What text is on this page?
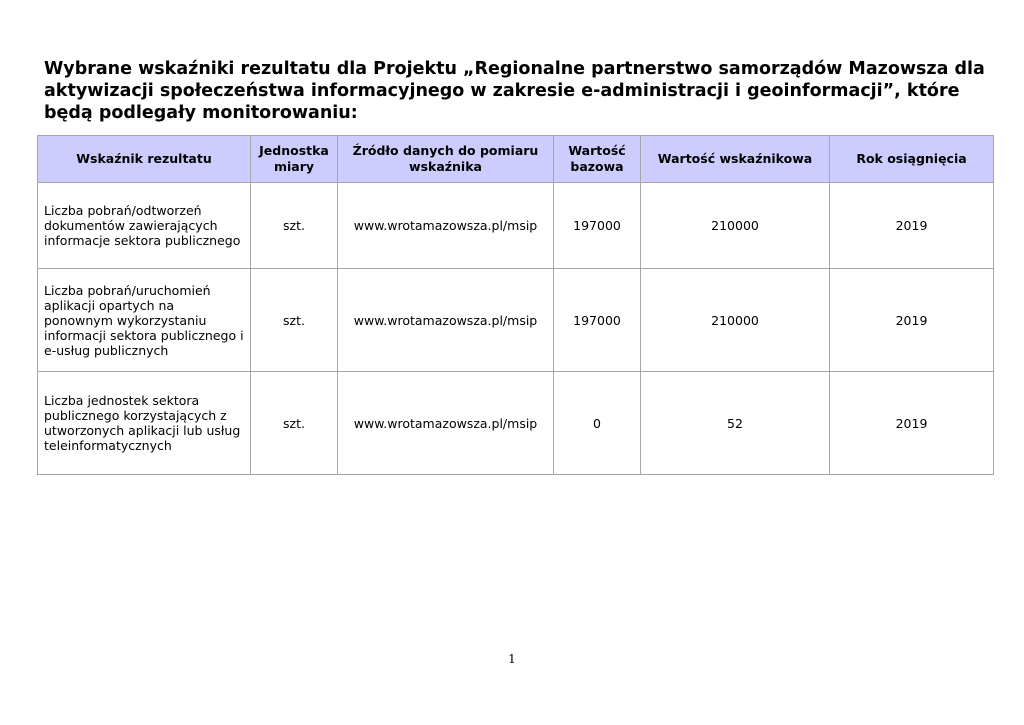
Wybrane wskaźniki rezultatu dla Projektu „Regionalne partnerstwo samorządów Mazowsza dla aktywizacji społeczeństwa informacyjnego w zakresie e-administracji i geoinformacji”, które będą podlegały monitorowaniu:
Wskaźnik rezultatu	Jednostka miary	Źródło danych do pomiaru wskaźnika	Wartość bazowa	Wartość wskaźnikowa	Rok osiągnięcia
Liczba pobrań/odtworzeń dokumentów zawierających informacje sektora publicznego	szt.	www.wrotamazowsza.pl/msip	197000	210000	2019
Liczba pobrań/uruchomień aplikacji opartych na ponownym wykorzystaniu informacji sektora publicznego i e-usług publicznych	szt.	www.wrotamazowsza.pl/msip	197000	210000	2019
Liczba jednostek sektora publicznego korzystających z utworzonych aplikacji lub usług teleinformatycznych	szt.	www.wrotamazowsza.pl/msip	0	52	2019
1
